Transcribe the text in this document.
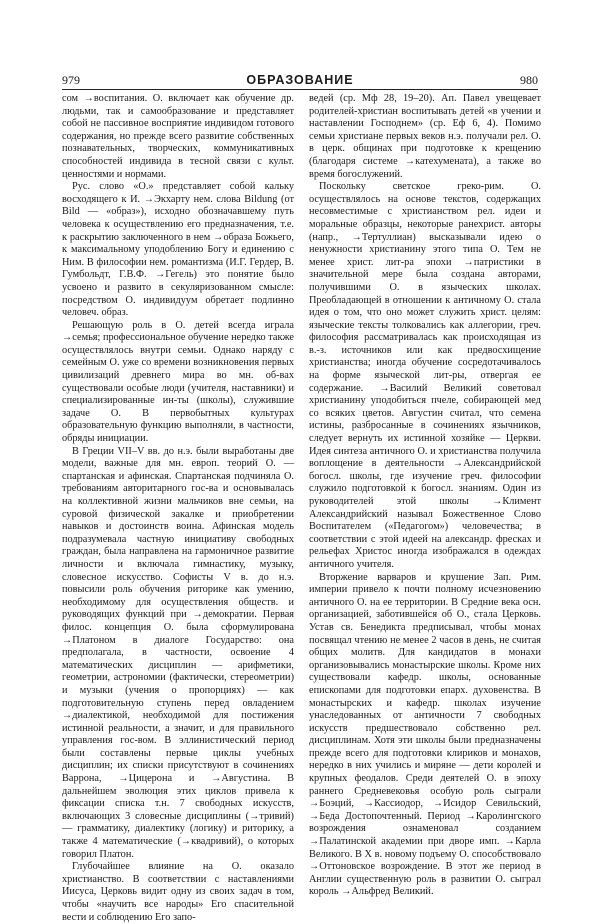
979	ОБРАЗОВАНИЕ	980

сом →воспитания. О. включает как обучение др. людьми, так и самообразование и представляет собой не пассивное восприятие индивидом готового содержания, но прежде всего развитие собственных познавательных, творческих, коммуникативных способностей индивида в тесной связи с культ. ценностями и нормами.

Рус. слово «О.» представляет собой кальку восходящего к И. →Экхарту нем. слова Bildung (от Bild — «образ»), исходно обозначавшему путь человека к осуществлению его предназначения, т.е. к раскрытию заключенного в нем →образа Божьего, к максимальному уподоблению Богу и единению с Ним. В философии нем. романтизма (И.Г. Гердер, В. Гумбольдт, Г.В.Ф. →Гегель) это понятие было усвоено и развито в секуляризованном смысле: посредством О. индивидуум обретает подлинно человеч. образ.

Решающую роль в О. детей всегда играла →семья; профессиональное обучение нередко также осуществлялось внутри семьи. Однако наряду с семейным О. уже со времени возникновения первых цивилизаций древнего мира во мн. об-вах существовали особые люди (учителя, наставники) и специализированные ин-ты (школы), служившие задаче О. В первобытных культурах образовательную функцию выполняли, в частности, обряды инициации.

В Греции VII–V вв. до н.э. были выработаны две модели, важные для мн. европ. теорий О. — спартанская и афинская. Спартанская подчиняла О. требованиям авторитарного гос-ва и основывалась на коллективной жизни мальчиков вне семьи, на суровой физической закалке и приобретении навыков и достоинств воина. Афинская модель подразумевала частную инициативу свободных граждан, была направлена на гармоничное развитие личности и включала гимнастику, музыку, словесное искусство. Софисты V в. до н.э. повысили роль обучения риторике как умению, необходимому для осуществления обществ. и руководящих функций при →демократии. Первая филос. концепция О. была сформулирована →Платоном в диалоге Государство: она предполагала, в частности, освоение 4 математических дисциплин — арифметики, геометрии, астрономии (фактически, стереометрии) и музыки (учения о пропорциях) — как подготовительную ступень перед овладением →диалектикой, необходимой для постижения истинной реальности, а значит, и для правильного управления гос-вом. В эллинистический период были составлены первые циклы учебных дисциплин; их списки присутствуют в сочинениях Варрона, →Цицерона и →Августина. В дальнейшем эволюция этих циклов привела к фиксации списка т.н. 7 свободных искусств, включающих 3 словесные дисциплины (→тривий) — грамматику, диалектику (логику) и риторику, а также 4 математические (→квадривий), о которых говорил Платон.

Глубочайшее влияние на О. оказало христианство. В соответствии с наставлениями Иисуса, Церковь видит одну из своих задач в том, чтобы «научить все народы» Его спасительной вести и соблюдению Его запо-

ведей (ср. Мф 28, 19–20). Ап. Павел увещевает родителей-христиан воспитывать детей «в учении и наставлении Господнем» (ср. Еф 6, 4). Помимо семьи христиане первых веков н.э. получали рел. О. в церк. общинах при подготовке к крещению (благодаря системе →катехумената), а также во время богослужений.

Поскольку светское греко-рим. О. осуществлялось на основе текстов, содержащих несовместимые с христианством рел. идеи и моральные образцы, некоторые ранехрист. авторы (напр., →Тертуллиан) высказывали идею о ненужности христианину этого типа О. Тем не менее христ. лит-ра эпохи →патристики в значительной мере была создана авторами, получившими О. в языческих школах. Преобладающей в отношении к античному О. стала идея о том, что оно может служить христ. целям: языческие тексты толковались как аллегории, греч. философия рассматривалась как происходящая из в.-з. источников или как предвосхищение христианства; иногда обучение сосредотачивалось на форме языческой лит-ры, отвергая ее содержание. →Василий Великий советовал христианину уподобиться пчеле, собирающей мед со всяких цветов. Августин считал, что семена истины, разбросанные в сочинениях язычников, следует вернуть их истинной хозяйке — Церкви. Идея синтеза античного О. и христианства получила воплощение в деятельности →Александрийской богосл. школы, где изучение греч. философии служило подготовкой к богосл. знаниям. Один из руководителей этой школы →Климент Александрийский называл Божественное Слово Воспитателем («Педагогом») человечества; в соответствии с этой идеей на александр. фресках и рельефах Христос иногда изображался в одеждах античного учителя.

Вторжение варваров и крушение Зап. Рим. империи привело к почти полному исчезновению античного О. на ее территории. В Средние века осн. организацией, заботившейся об О., стала Церковь. Устав св. Бенедикта предписывал, чтобы монах посвящал чтению не менее 2 часов в день, не считая общих молитв. Для кандидатов в монахи организовывались монастырские школы. Кроме них существовали кафедр. школы, основанные епископами для подготовки епарх. духовенства. В монастырских и кафедр. школах изучение унаследованных от античности 7 свободных искусств предшествовало собственно рел. дисциплинам. Хотя эти школы были предназначены прежде всего для подготовки клириков и монахов, нередко в них учились и миряне — дети королей и крупных феодалов. Среди деятелей О. в эпоху раннего Средневековья особую роль сыграли →Боэций, →Кассиодор, →Исидор Севильский, →Беда Достопочтенный. Период →Каролингского возрождения ознаменовал созданием →Палатинской академии при дворе имп. →Карла Великого. В X в. новому подъему О. способствовало →Оттоновское возрождение. В этот же период в Англии существенную роль в развитии О. сыграл король →Альфред Великий.
